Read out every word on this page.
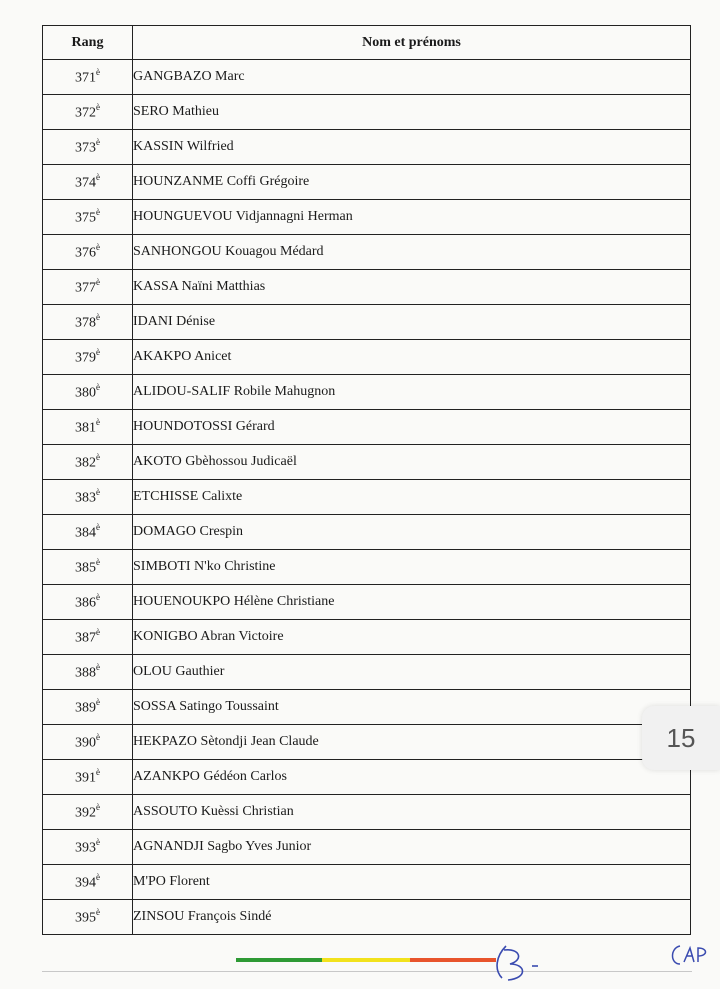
Rang	Nom et prénoms
$371^è$	GANGBAZO Marc
$372^è$	SERO Mathieu
$373^è$	KASSIN Wilfried
$374^è$	HOUNZANME Coffi Grégoire
$375^è$	HOUNGUEVOU Vidjannagni Herman
$376^è$	SANHONGOU Kouagou Médard
$377^è$	KASSA Naïni Matthias
$378^è$	IDANI Dénise
$379^è$	AKAKPO Anicet
$380^è$	ALIDOU-SALIF Robile Mahugnon
$381^è$	HOUNDOTOSSI Gérard
$382^è$	AKOTO Gbèhossou Judicaël
$383^è$	ETCHISSE Calixte
$384^è$	DOMAGO Crespin
$385^è$	SIMBOTI N'ko Christine
$386^è$	HOUENOUKPO Hélène Christiane
$387^è$	KONIGBO Abran Victoire
$388^è$	OLOU Gauthier
$389^è$	SOSSA Satingo Toussaint
$390^è$	HEKPAZO Sètondji Jean Claude
$391^è$	AZANKPO Gédéon Carlos
$392^è$	ASSOUTO Kuèssi Christian
$393^è$	AGNANDJI Sagbo Yves Junior
$394^è$	M'PO Florent
$395^è$	ZINSOU François Sindé
15
